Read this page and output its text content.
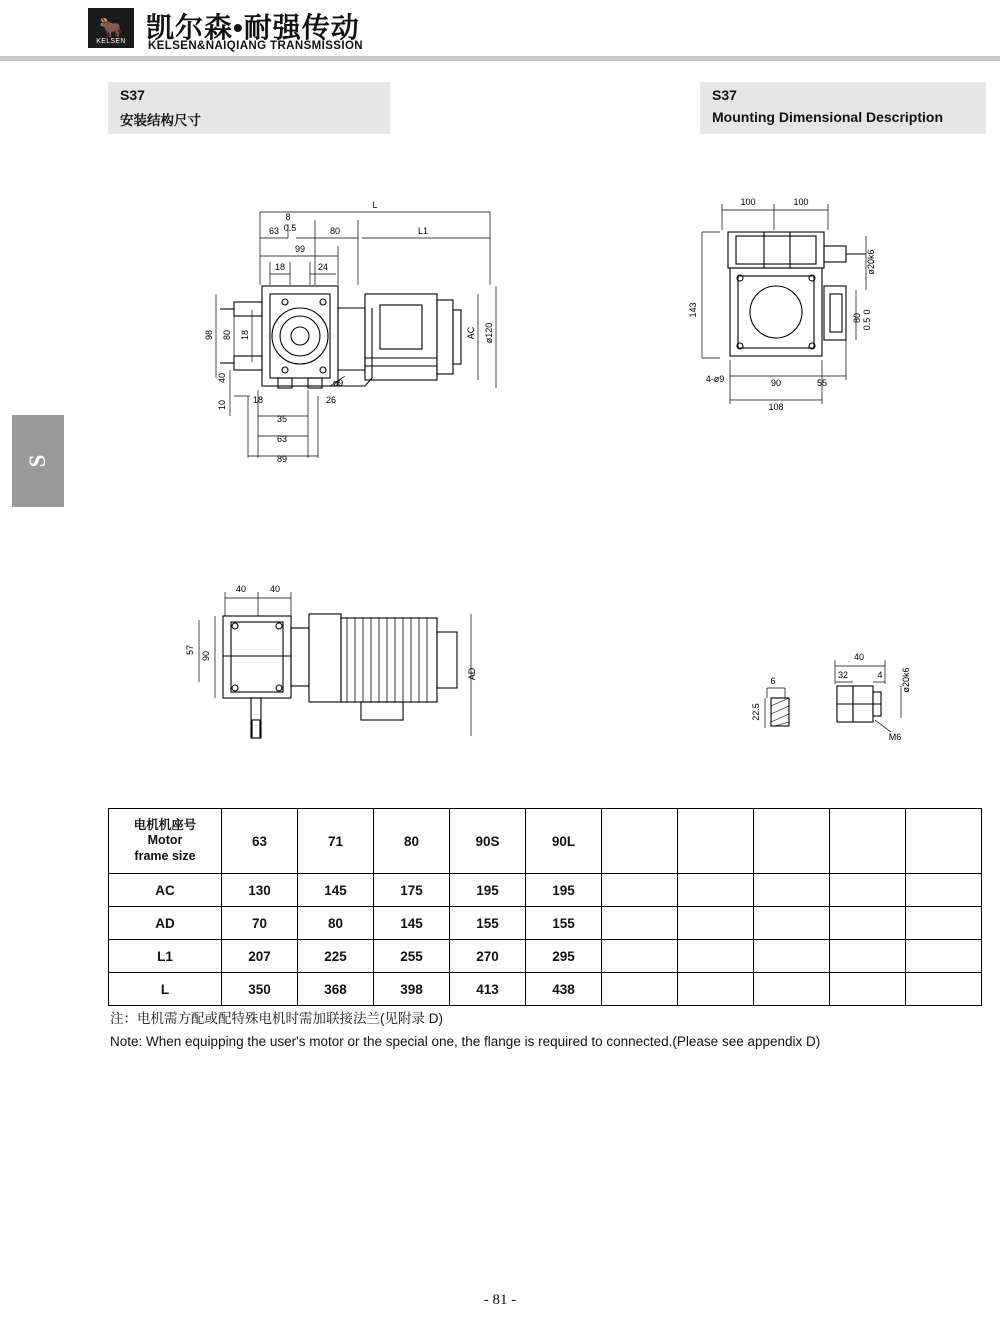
🐂
KELSEN 凯尔森•耐强传动
KELSEN&NAIQIANG TRANSMISSION
S37
安装结构尺寸
S37
Mounting Dimensional Description
S
L
L1
63
8
0.5	80
99
18	24
35
63
89
18	26
ø9
98 80 18
40
10
AC ø120
100	100
143
ø20k6
80
0
0.5
4-ø9	90	55
108
40	40
57
90
AD
6
22.5
40
32	4 ø20k6
M6
电机机座号
Motor
frame size	63	71	80	90S	90L					
AC	130	145	175	195	195					
AD	70	80	145	155	155					
L1	207	225	255	270	295					
L	350	368	398	413	438					
注：电机需方配或配特殊电机时需加联接法兰(见附录 D)
Note: When equipping the user's motor or the special one, the flange is required to connected.(Please see appendix D)
- 81 -
